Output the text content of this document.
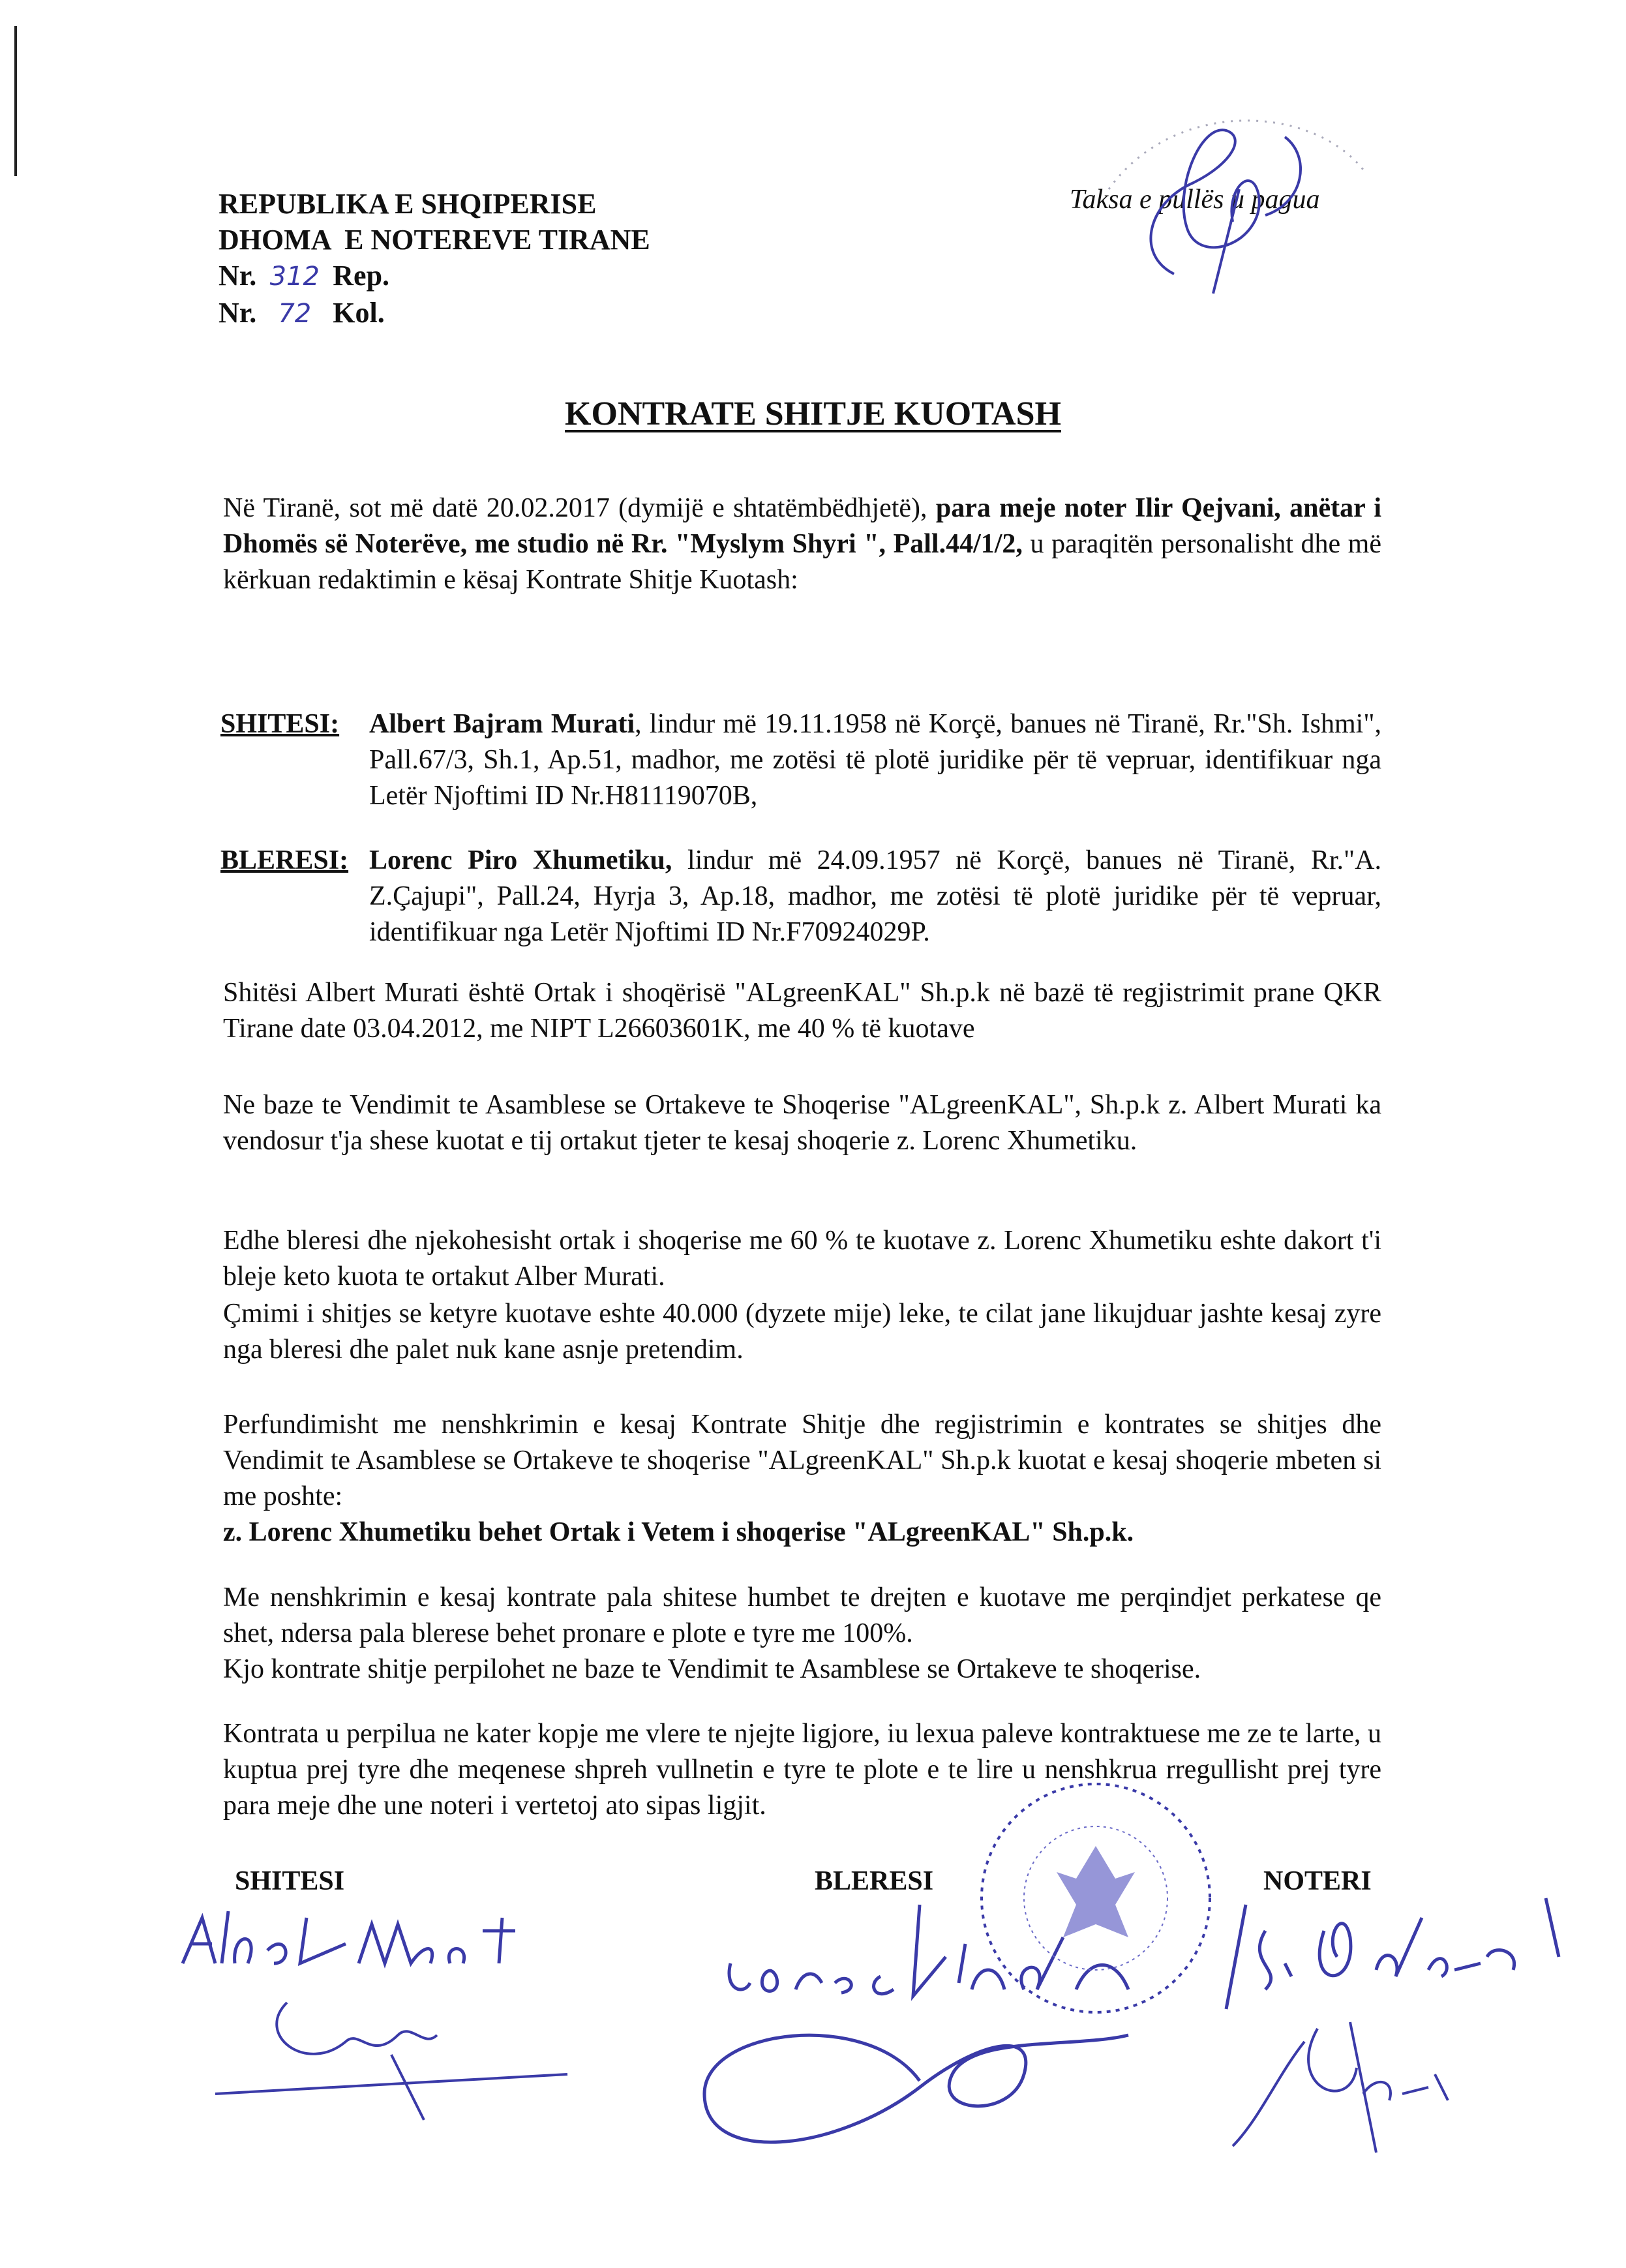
REPUBLIKA E SHQIPERISE
DHOMA  E NOTEREVE TIRANE
Nr. 312 Rep.
Nr. 72 Kol.
Taksa e pullës u pagua
KONTRATE SHITJE KUOTASH
Në Tiranë, sot më datë 20.02.2017 (dymijë e shtatëmbëdhjetë), para meje noter Ilir Qejvani, anëtar i Dhomës së Noterëve, me studio në Rr. "Myslym Shyri ", Pall.44/1/2, u paraqitën personalisht dhe më kërkuan redaktimin e kësaj Kontrate Shitje Kuotash:
SHITESI: Albert Bajram Murati, lindur më 19.11.1958 në Korçë, banues në Tiranë, Rr."Sh. Ishmi", Pall.67/3, Sh.1, Ap.51, madhor, me zotësi të plotë juridike për të vepruar, identifikuar nga Letër Njoftimi ID Nr.H81119070B,
BLERESI: Lorenc Piro Xhumetiku, lindur më 24.09.1957 në Korçë, banues në Tiranë, Rr."A. Z.Çajupi", Pall.24, Hyrja 3, Ap.18, madhor, me zotësi të plotë juridike për të vepruar, identifikuar nga Letër Njoftimi ID Nr.F70924029P.
Shitësi Albert Murati është Ortak i shoqërisë "ALgreenKAL" Sh.p.k në bazë të regjistrimit prane QKR Tirane date 03.04.2012, me NIPT L26603601K, me 40 % të kuotave
Ne baze te Vendimit te Asamblese se Ortakeve te Shoqerise "ALgreenKAL", Sh.p.k z. Albert Murati ka vendosur t'ja shese kuotat e tij ortakut tjeter te kesaj shoqerie z. Lorenc Xhumetiku.
Edhe bleresi dhe njekohesisht ortak i shoqerise me 60 % te kuotave z. Lorenc Xhumetiku eshte dakort t'i bleje keto kuota te ortakut Alber Murati.
Çmimi i shitjes se ketyre kuotave eshte 40.000 (dyzete mije) leke, te cilat jane likujduar jashte kesaj zyre nga bleresi dhe palet nuk kane asnje pretendim.
Perfundimisht me nenshkrimin e kesaj Kontrate Shitje dhe regjistrimin e kontrates se shitjes dhe Vendimit te Asamblese se Ortakeve te shoqerise "ALgreenKAL" Sh.p.k kuotat e kesaj shoqerie mbeten si me poshte:
z. Lorenc Xhumetiku behet Ortak i Vetem i shoqerise "ALgreenKAL" Sh.p.k.
Me nenshkrimin e kesaj kontrate pala shitese humbet te drejten e kuotave me perqindjet perkatese qe shet, ndersa pala bleresе behet pronare e plote e tyre me 100%.
Kjo kontrate shitje perpilohet ne baze te Vendimit te Asamblese se Ortakeve te shoqerise.
Kontrata u perpilua ne kater kopje me vlere te njejte ligjore, iu lexua paleve kontraktuese me ze te larte, u kuptua prej tyre dhe meqenese shpreh vullnetin e tyre te plote e te lire u nenshkrua rregullisht prej tyre para meje dhe une noteri i vertetoj ato sipas ligjit.
SHITESI	BLERESI	NOTERI
